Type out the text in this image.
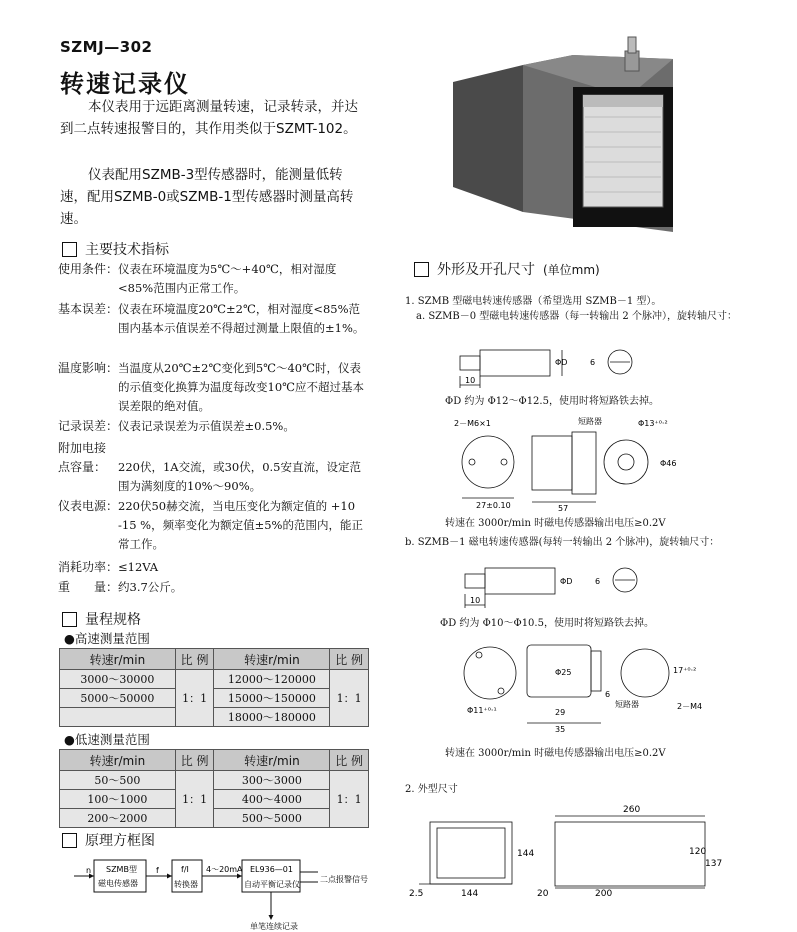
SZMJ—302
转速记录仪
本仪表用于远距离测量转速，记录转录，并达到二点转速报警目的，其作用类似于SZMT-102。
仪表配用SZMB-3型传感器时，能测量低转速，配用SZMB-0或SZMB-1型传感器时测量高转速。
主要技术指标
使用条件： 仪表在环境温度为5℃～+40℃，相对湿度<85%范围内正常工作。
基本误差： 仪表在环境温度20℃±2℃，相对湿度<85%范围内基本示值误差不得超过测量上限值的±1%。
温度影响： 当温度从20℃±2℃变化到5℃～40℃时，仪表的示值变化换算为温度每改变10℃应不超过基本误差限的绝对值。
记录误差： 仪表记录误差为示值误差±0.5%。
附加电接
点容量：	220伏，1A交流，或30伏，0.5安直流，设定范围为满刻度的10%～90%。
仪表电源： 220伏50赫交流，当电压变化为额定值的 +10 -15 %，频率变化为额定值±5%的范围内，能正常工作。
消耗功率： ≤12VA
重　　量： 约3.7公斤。
量程规格
●高速测量范围
转速r/min	比 例	转速r/min	比 例
3000～30000	1：1	12000～120000	1：1
5000～50000		15000～150000	
		18000～180000	
●低速测量范围
转速r/min	比 例	转速r/min	比 例
50～500	1：1	300～3000	1：1
100～1000		400～4000	
200～2000		500～5000	
原理方框图
n SZMB型
磁电传感器
f	f/I
转换器
4～20mA EL936—01
自动平衡记录仪
二点报警信号
单笔连续记录
外形及开孔尺寸 (单位mm)
1. SZMB 型磁电转速传感器（希望选用 SZMB－1 型）。
a. SZMB－0 型磁电转速传感器（每一转输出 2 个脉冲），旋转轴尺寸：
10
ΦD	6
ΦD 约为 Φ12～Φ12.5，使用时将短路铁去掉。
2－M6×1	短路器	Φ13⁺⁰·²
Φ46
27±0.10	57
转速在 3000r/min 时磁电传感器输出电压≥0.2V
b. SZMB－1 磁电转速传感器(每转一转输出 2 个脉冲)，旋转轴尺寸：
10
ΦD	6
ΦD 约为 Φ10～Φ10.5，使用时将短路铁去掉。
Φ25
Φ11⁺⁰·¹	29
35
6
短路器	2－M4
17⁺⁰·²
转速在 3000r/min 时磁电传感器输出电压≥0.2V
2. 外型尺寸
260
144	120
137
2.5	144	20	200
